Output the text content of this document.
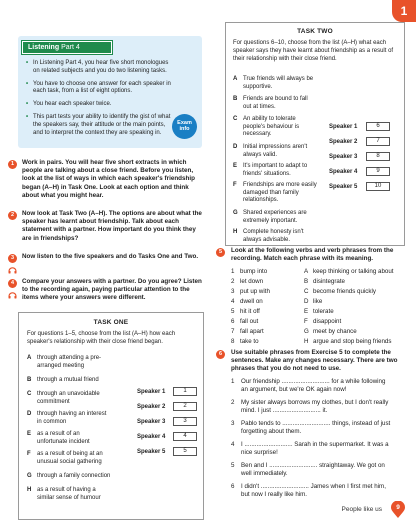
1
Listening Part 4
• In Listening Part 4, you hear five short monologues on related subjects and you do two listening tasks.
• You have to choose one answer for each speaker in each task, from a list of eight options.
• You hear each speaker twice.
• This part tests your ability to identify the gist of what the speakers say, their attitude or the main points, and to interpret the context they are speaking in.
Exam
info
1	Work in pairs. You will hear five short extracts in which people are talking about a close friend. Before you listen, look at the list of ways in which each speaker's friendship began (A–H) in Task One. Look at each option and think about what you might hear.
2	Now look at Task Two (A–H). The options are about what the speaker has learnt about friendship. Talk about each statement with a partner. How important do you think they are in friendships?
3	Now listen to the five speakers and do Tasks One and Two.
4	Compare your answers with a partner. Do you agree? Listen to the recording again, paying particular attention to the items where your answers were different.
TASK ONE
For questions 1–5, choose from the list (A–H) how each speaker's relationship with their close friend began.
A through attending a pre-arranged meeting
B through a mutual friend
C through an unavoidable commitment
D through having an interest in common
E as a result of an unfortunate incident
F as a result of being at an unusual social gathering
G through a family connection
H as a result of having a similar sense of humour
Speaker 1	1
Speaker 2	2
Speaker 3	3
Speaker 4	4
Speaker 5	5
TASK TWO
For questions 6–10, choose from the list (A–H) what each speaker says they have learnt about friendship as a result of their relationship with their close friend.
A True friends will always be supportive.
B Friends are bound to fall out at times.
C An ability to tolerate people's behaviour is necessary.
D Initial impressions aren't always valid.
E It's important to adapt to friends' situations.
F Friendships are more easily damaged than family relationships.
G Shared experiences are extremely important.
H Complete honesty isn't always advisable.
Speaker 1	6
Speaker 2	7
Speaker 3	8
Speaker 4	9
Speaker 5	10
5	Look at the following verbs and verb phrases from the recording. Match each phrase with its meaning.
1 bump into
2 let down
3 put up with
4 dwell on
5 hit it off
6 fall out
7 fall apart
8 take to
A keep thinking or talking about
B disintegrate
C become friends quickly
D like
E tolerate
F disappoint
G meet by chance
H argue and stop being friends
6	Use suitable phrases from Exercise 5 to complete the sentences. Make any changes necessary. There are two phrases that you do not need to use.
1 Our friendship ............................ for a while following
an argument, but we're OK again now!
2 My sister always borrows my clothes, but I don't really
mind. I just ............................ it.
3 Pablo tends to ............................ things, instead of just
forgetting about them.
4 I ............................ Sarah in the supermarket. It was a
nice surprise!
5 Ben and I ............................ straightaway. We got on
well immediately.
6 I didn't ............................ James when I first met him,
but now I really like him.
People like us	9
